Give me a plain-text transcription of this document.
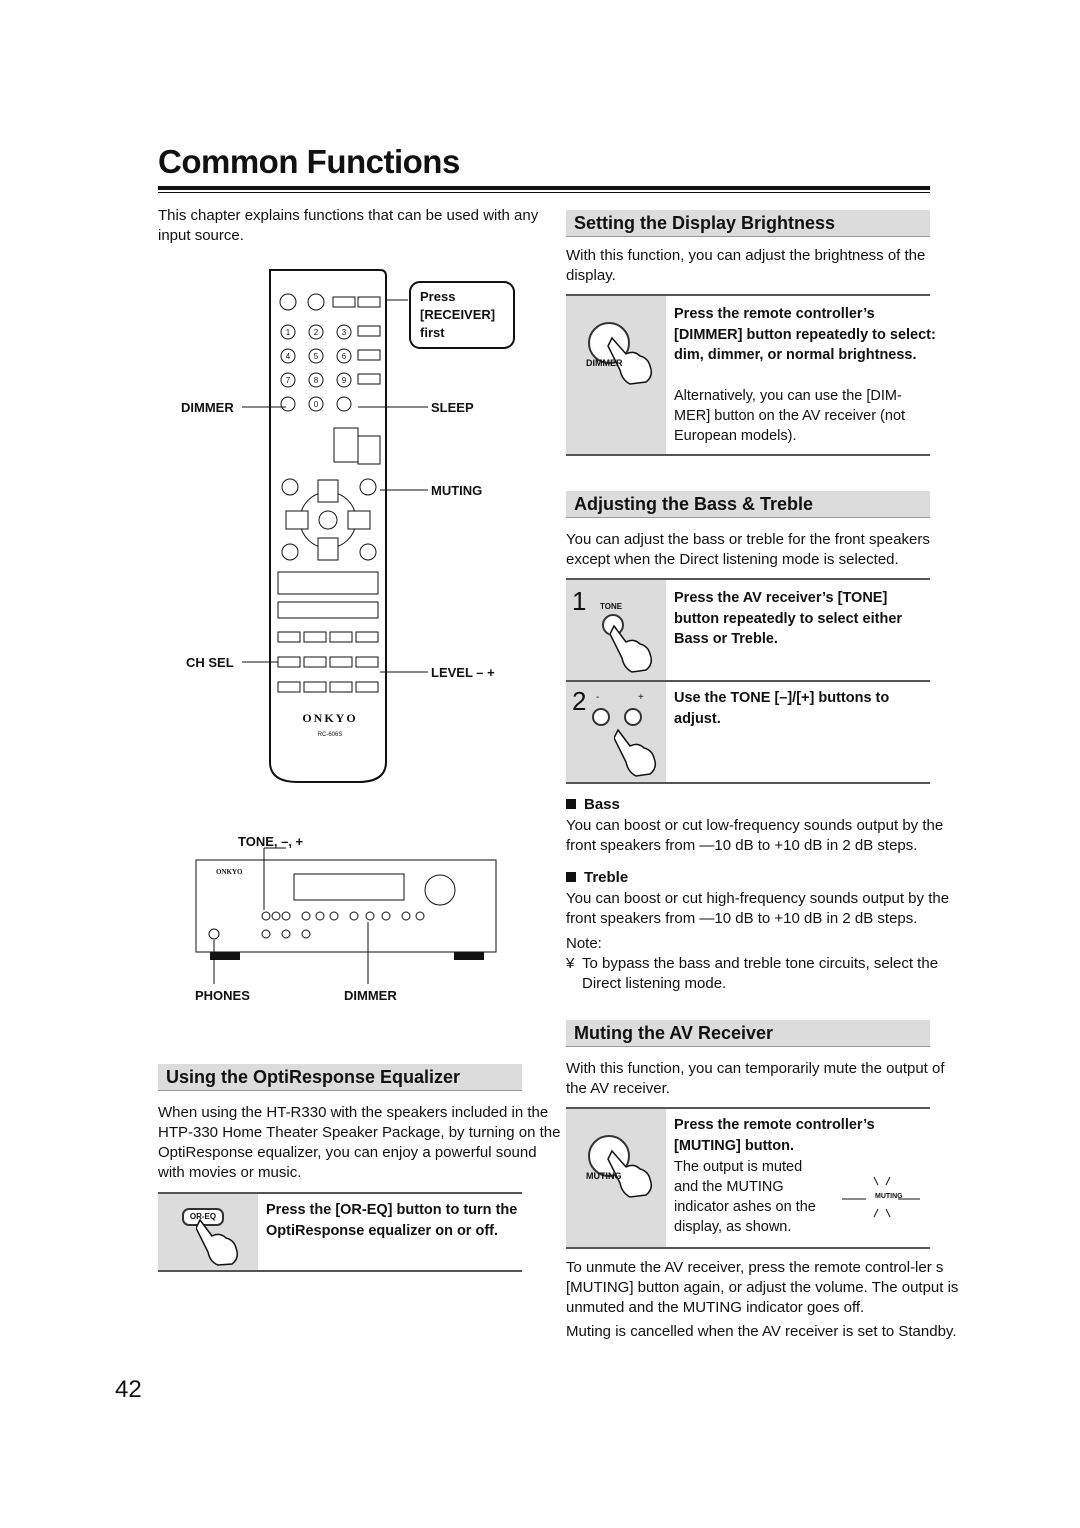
Common Functions
This chapter explains functions that can be used with any input source.
1	2	3
4	5	6
7	8	9
0
ONKYO
RC-606S
ONKYO
Press
[RECEIVER]
first
DIMMER	SLEEP
MUTING
CH SEL
LEVEL – +
TONE, –, +
PHONES	DIMMER
Setting the Display Brightness
With this function, you can adjust the brightness of the display.
DIMMER
Press the remote controller’s [DIMMER] button repeatedly to select: dim, dimmer, or normal brightness.
Alternatively, you can use the [DIM-MER] button on the AV receiver (not European models).
Adjusting the Bass & Treble
You can adjust the bass or treble for the front speakers except when the Direct listening mode is selected.
1 TONE
Press the AV receiver’s [TONE] button repeatedly to select either Bass or Treble.
2 -	+ Use the TONE [–]/[+] buttons to adjust.
Bass
You can boost or cut low-frequency sounds output by the front speakers from —10 dB to +10 dB in 2 dB steps.
Treble
You can boost or cut high-frequency sounds output by the front speakers from —10 dB to +10 dB in 2 dB steps.
Note:
¥ To bypass the bass and treble tone circuits, select the Direct listening mode.
Muting the AV Receiver
With this function, you can temporarily mute the output of the AV receiver.
MUTING
Press the remote controller’s [MUTING] button.
The output is muted and the MUTING indicator ashes on the display, as shown.
MUTING
To unmute the AV receiver, press the remote control-ler s [MUTING] button again, or adjust the volume. The output is unmuted and the MUTING indicator goes off.
Muting is cancelled when the AV receiver is set to Standby.
Using the OptiResponse Equalizer
When using the HT-R330 with the speakers included in the HTP-330 Home Theater Speaker Package, by turning on the OptiResponse equalizer, you can enjoy a powerful sound with movies or music.
OR-EQ	Press the [OR-EQ] button to turn the OptiResponse equalizer on or off.
42
